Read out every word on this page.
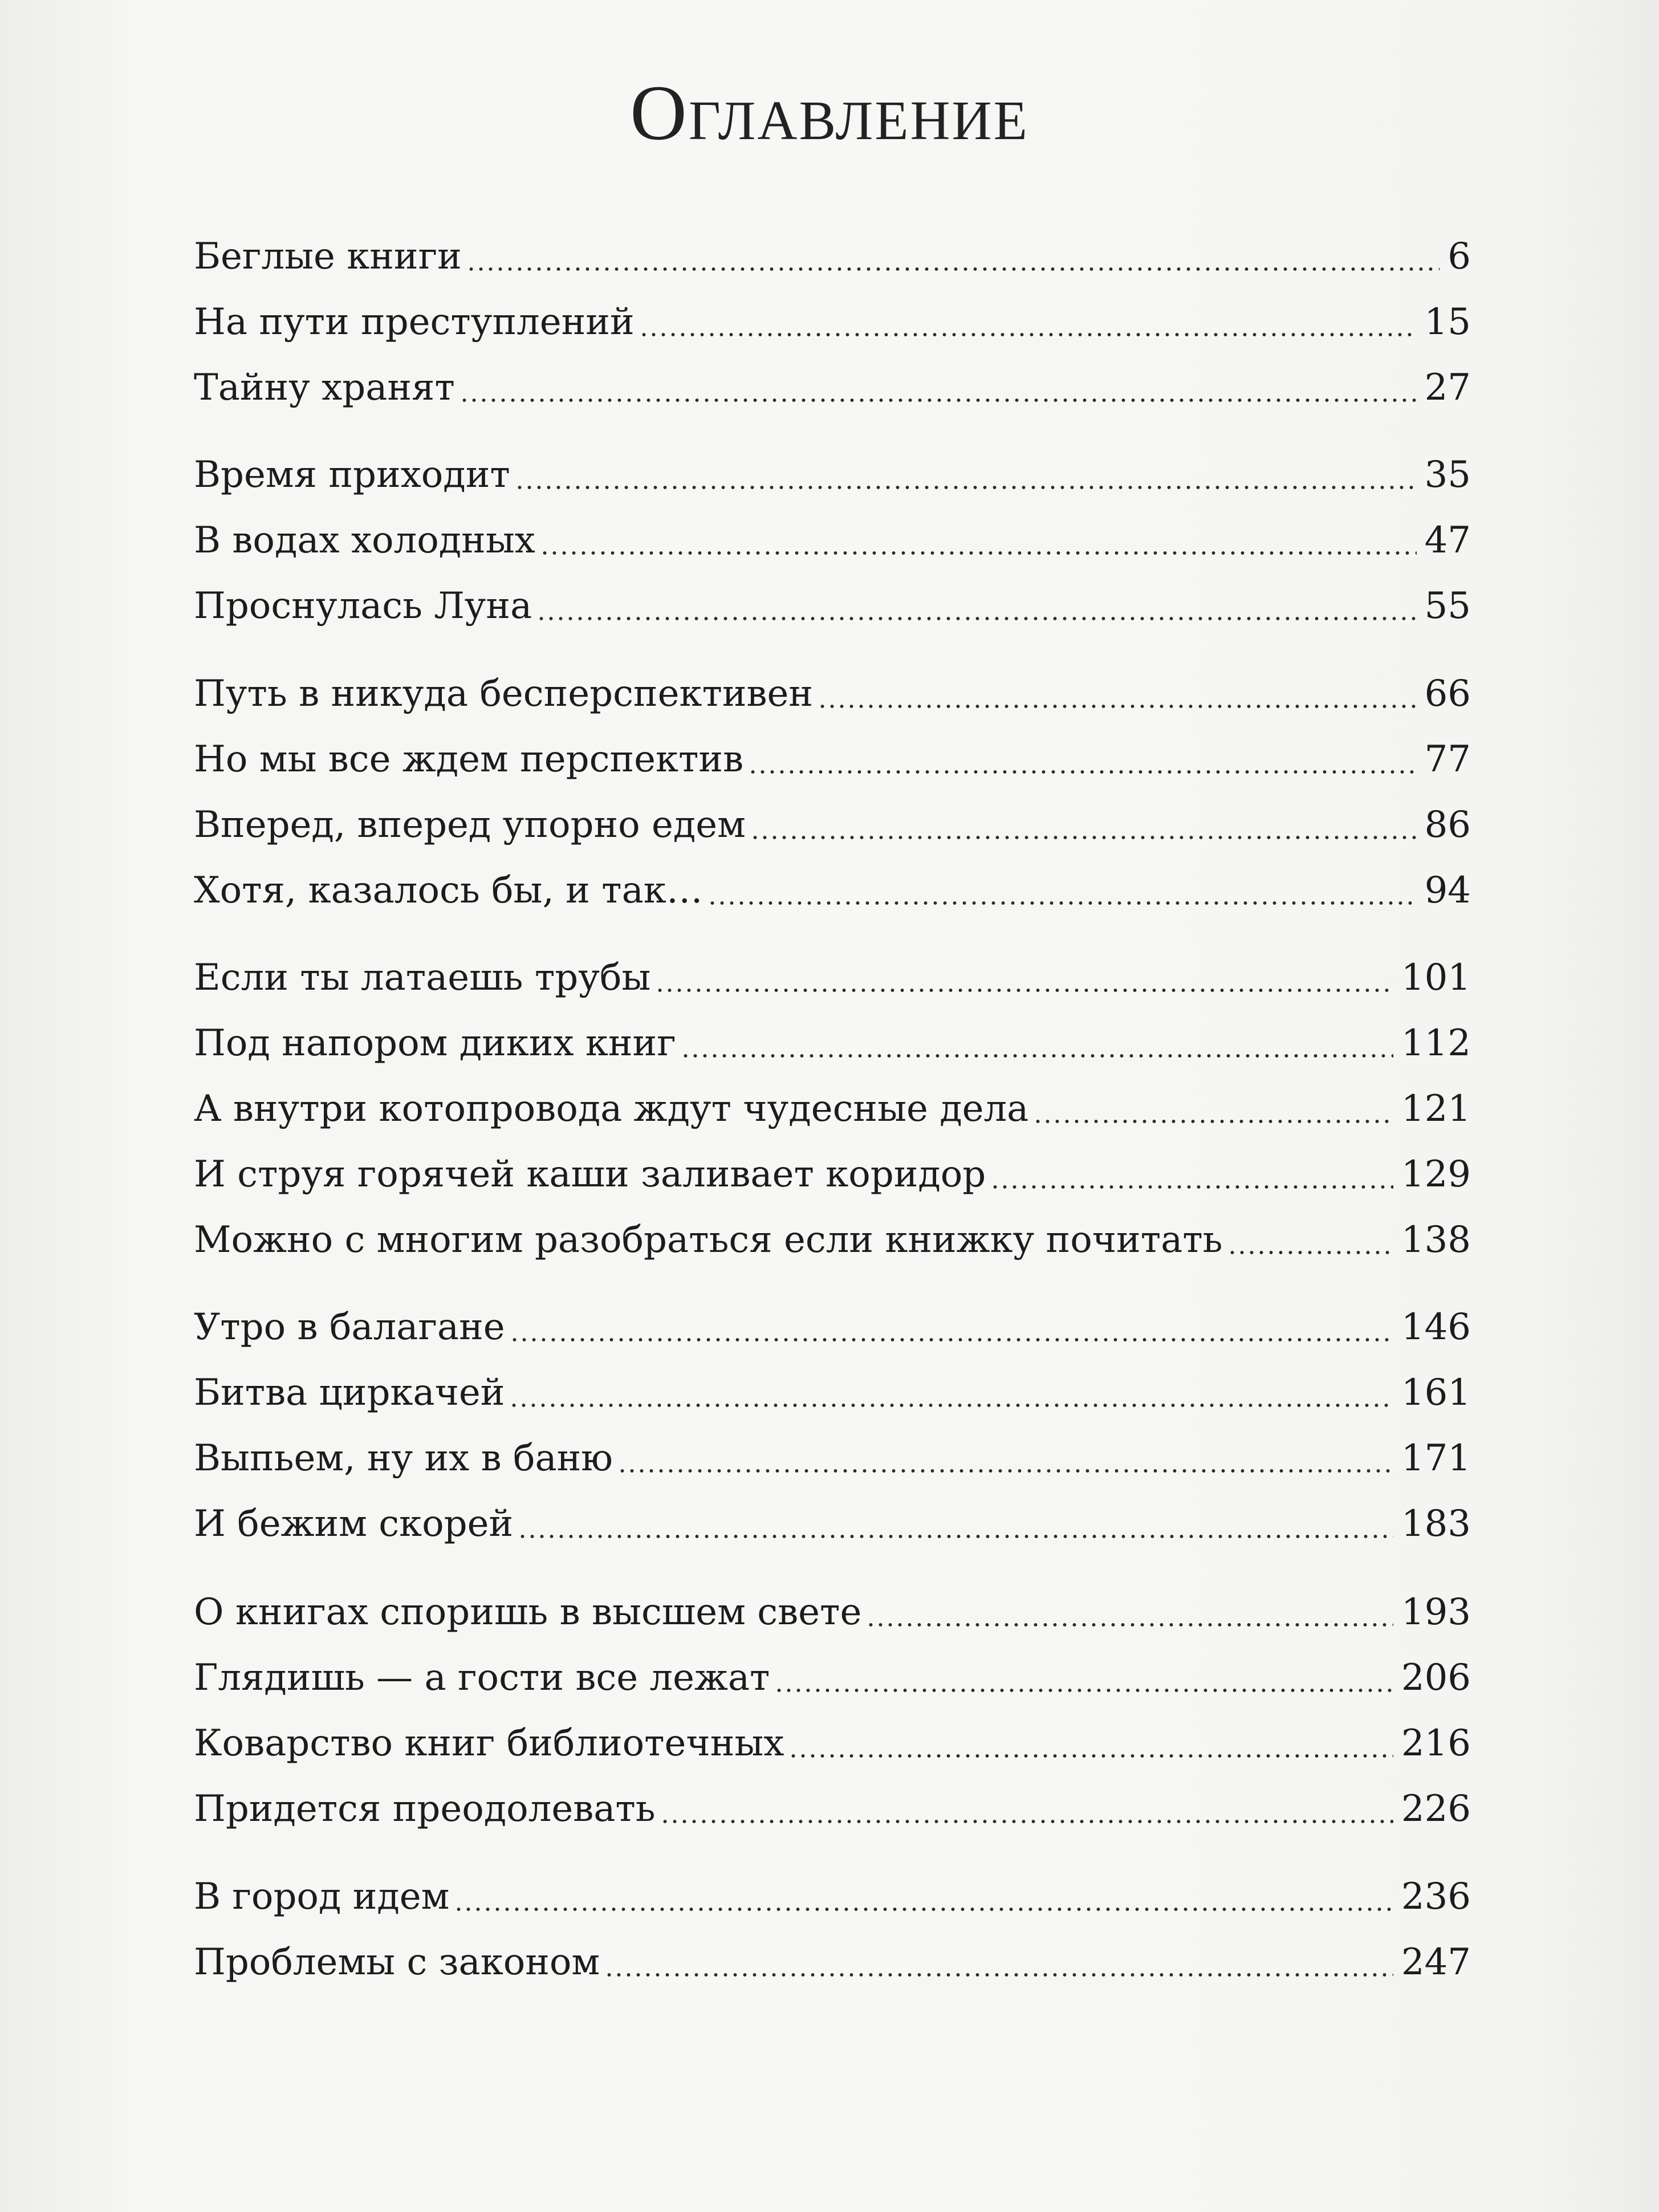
Оглавление
Беглые книги	6
На пути преступлений	15
Тайну хранят	27
Время приходит	35
В водах холодных	47
Проснулась Луна	55
Путь в никуда бесперспективен	66
Но мы все ждем перспектив	77
Вперед, вперед упорно едем	86
Хотя, казалось бы, и так…	94
Если ты латаешь трубы	101
Под напором диких книг	112
А внутри котопровода ждут чудесные дела	121
И струя горячей каши заливает коридор	129
Можно с многим разобраться если книжку почитать	138
Утро в балагане	146
Битва циркачей	161
Выпьем, ну их в баню	171
И бежим скорей	183
О книгах споришь в высшем свете	193
Глядишь — а гости все лежат	206
Коварство книг библиотечных	216
Придется преодолевать	226
В город идем	236
Проблемы с законом	247
